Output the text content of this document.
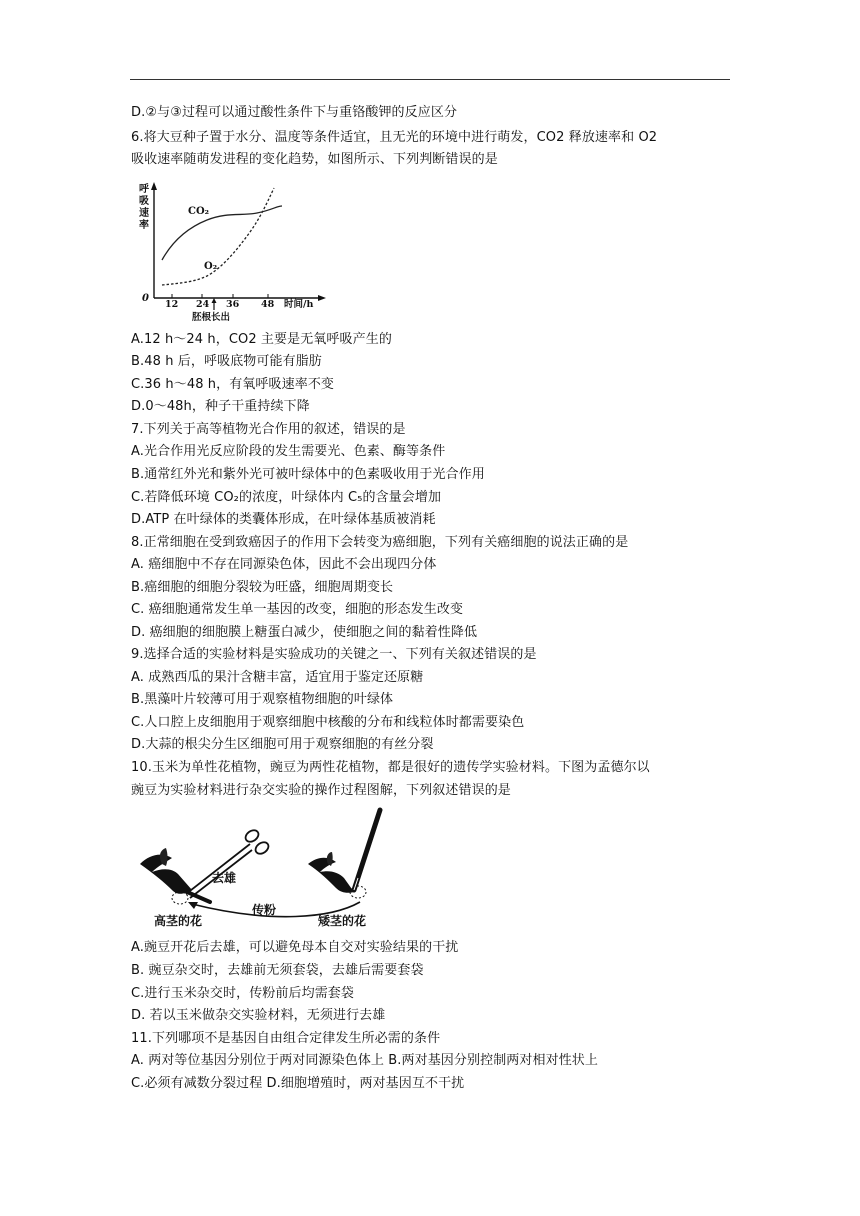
D.②与③过程可以通过酸性条件下与重铬酸钾的反应区分
6.将大豆种子置于水分、温度等条件适宜，且无光的环境中进行萌发，CO2 释放速率和 O2
吸收速率随萌发进程的变化趋势，如图所示、下列判断错误的是
呼 吸 速 率
0
12 24 36 48 时间/h
胚根长出
CO₂
O₂
A.12 h～24 h，CO2 主要是无氧呼吸产生的
B.48 h 后，呼吸底物可能有脂肪
C.36 h～48 h，有氧呼吸速率不变
D.0～48h，种子干重持续下降
7.下列关于高等植物光合作用的叙述，错误的是
A.光合作用光反应阶段的发生需要光、色素、酶等条件
B.通常红外光和紫外光可被叶绿体中的色素吸收用于光合作用
C.若降低环境 CO₂的浓度，叶绿体内 C₅的含量会增加
D.ATP 在叶绿体的类囊体形成，在叶绿体基质被消耗
8.正常细胞在受到致癌因子的作用下会转变为癌细胞，下列有关癌细胞的说法正确的是
A. 癌细胞中不存在同源染色体，因此不会出现四分体
B.癌细胞的细胞分裂较为旺盛，细胞周期变长
C. 癌细胞通常发生单一基因的改变，细胞的形态发生改变
D. 癌细胞的细胞膜上糖蛋白减少，使细胞之间的黏着性降低
9.选择合适的实验材料是实验成功的关键之一、下列有关叙述错误的是
A. 成熟西瓜的果汁含糖丰富，适宜用于鉴定还原糖
B.黑藻叶片较薄可用于观察植物细胞的叶绿体
C.人口腔上皮细胞用于观察细胞中核酸的分布和线粒体时都需要染色
D.大蒜的根尖分生区细胞可用于观察细胞的有丝分裂
10.玉米为单性花植物，豌豆为两性花植物，都是很好的遗传学实验材料。下图为孟德尔以
豌豆为实验材料进行杂交实验的操作过程图解，下列叙述错误的是
去雄
传粉
高茎的花	矮茎的花
A.豌豆开花后去雄，可以避免母本自交对实验结果的干扰
B. 豌豆杂交时，去雄前无须套袋，去雄后需要套袋
C.进行玉米杂交时，传粉前后均需套袋
D. 若以玉米做杂交实验材料，无须进行去雄
11.下列哪项不是基因自由组合定律发生所必需的条件
A. 两对等位基因分别位于两对同源染色体上 B.两对基因分别控制两对相对性状上
C.必须有减数分裂过程 D.细胞增殖时，两对基因互不干扰
